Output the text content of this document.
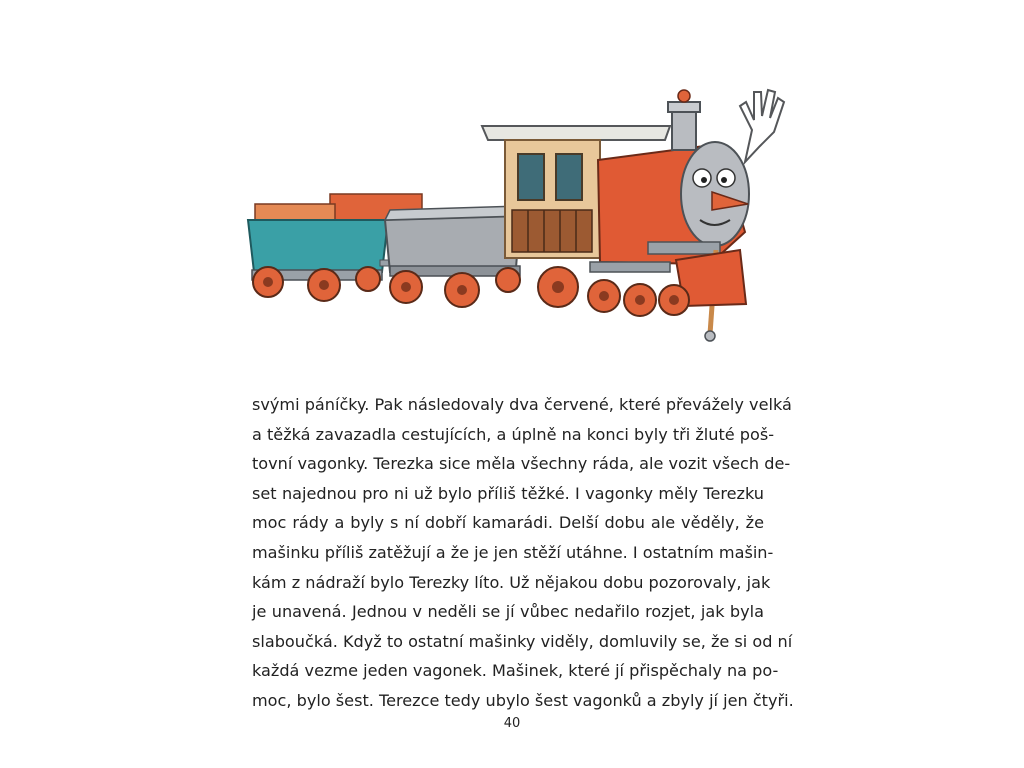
svými páníčky. Pak následovaly dva červené, které převážely velká
a těžká zavazadla cestujících, a úplně na konci byly tři žluté poš-
tovní vagonky. Terezka sice měla všechny ráda, ale vozit všech de-
set najednou pro ni už bylo příliš těžké. I vagonky měly Terezku
moc rády a byly s ní dobří kamarádi. Delší dobu ale věděly, že
mašinku příliš zatěžují a že je jen stěží utáhne. I ostatním mašin-
kám z nádraží bylo Terezky líto. Už nějakou dobu pozorovaly, jak
je unavená. Jednou v neděli se jí vůbec nedařilo rozjet, jak byla
slaboučká. Když to ostatní mašinky viděly, domluvily se, že si od ní
každá vezme jeden vagonek. Mašinek, které jí přispěchaly na po-
moc, bylo šest. Terezce tedy ubylo šest vagonků a zbyly jí jen čtyři.
40
